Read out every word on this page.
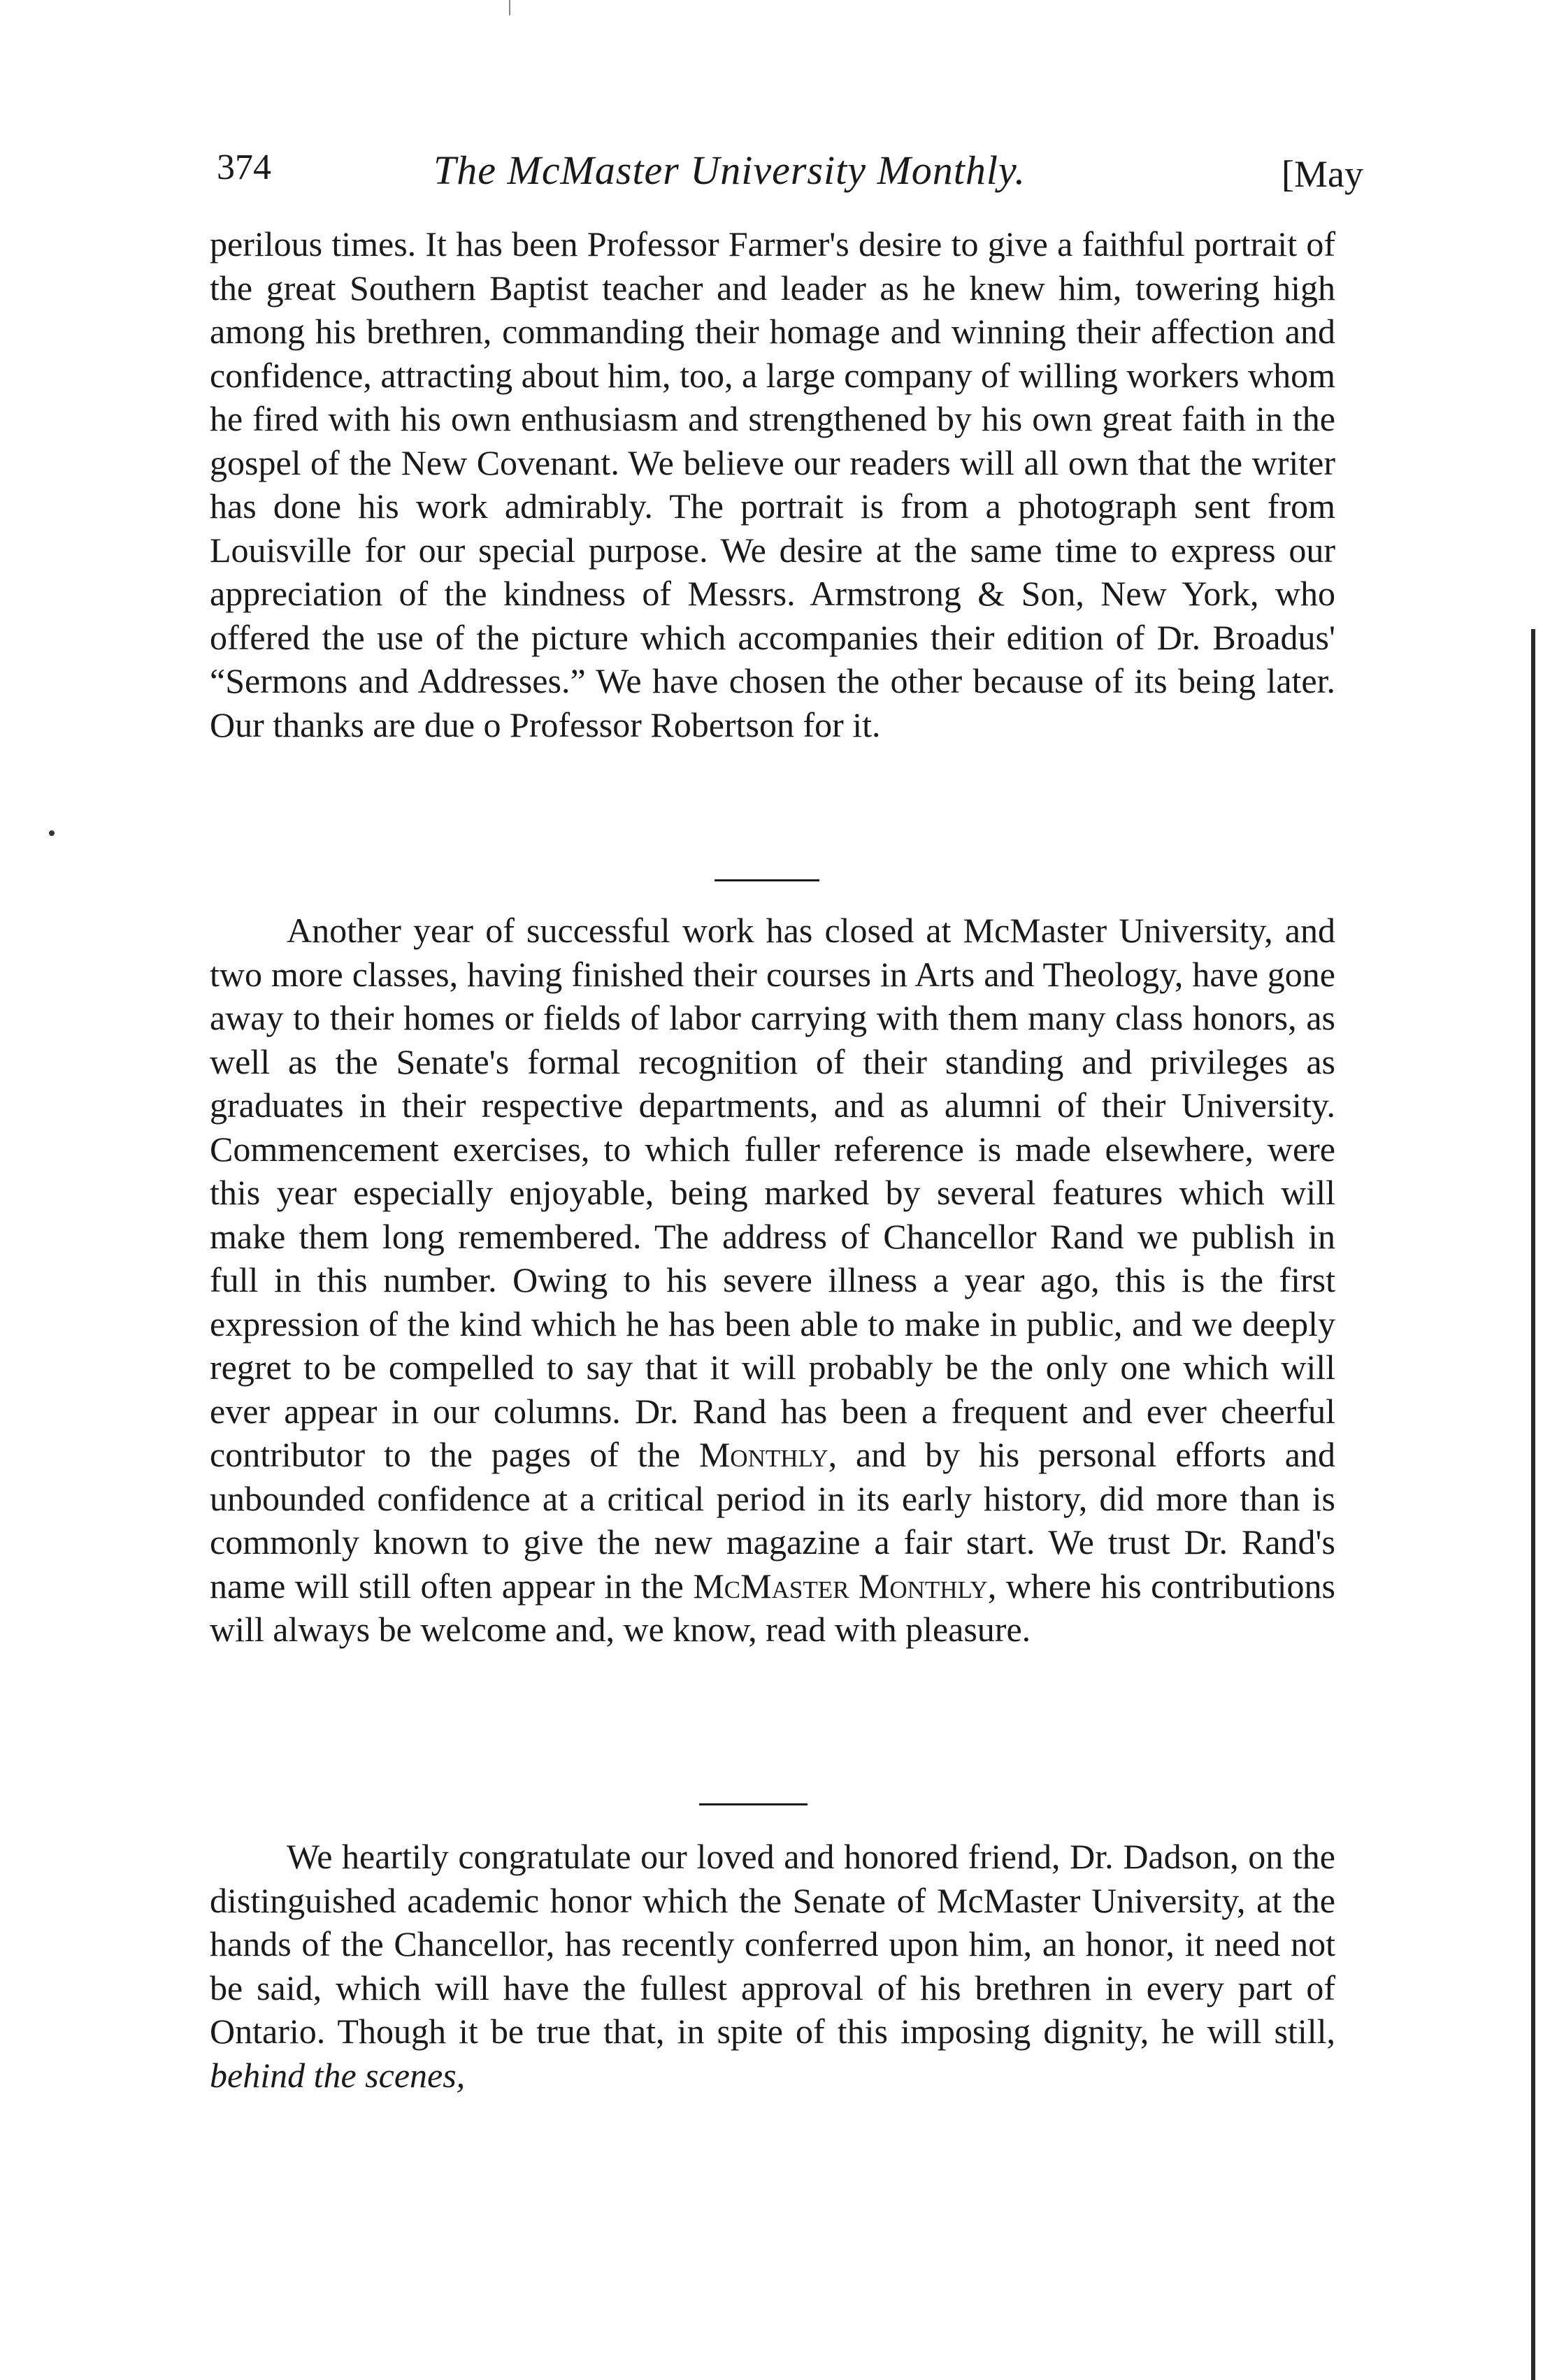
374	The McMaster University Monthly.	[May

perilous times. It has been Professor Farmer's desire to give a faithful portrait of the great Southern Baptist teacher and leader as he knew him, towering high among his brethren, commanding their homage and winning their affection and confidence, attracting about him, too, a large company of willing workers whom he fired with his own enthusiasm and strengthened by his own great faith in the gospel of the New Covenant. We believe our readers will all own that the writer has done his work admirably. The portrait is from a photograph sent from Louisville for our special purpose. We desire at the same time to express our appreciation of the kindness of Messrs. Armstrong & Son, New York, who offered the use of the picture which accompanies their edition of Dr. Broadus' “Sermons and Addresses.” We have chosen the other because of its being later. Our thanks are due o Professor Robertson for it.

Another year of successful work has closed at McMaster University, and two more classes, having finished their courses in Arts and Theology, have gone away to their homes or fields of labor carrying with them many class honors, as well as the Senate's formal recognition of their standing and privileges as graduates in their respective departments, and as alumni of their University. Commencement exercises, to which fuller reference is made elsewhere, were this year especially enjoyable, being marked by several features which will make them long remembered. The address of Chancellor Rand we publish in full in this number. Owing to his severe illness a year ago, this is the first expression of the kind which he has been able to make in public, and we deeply regret to be compelled to say that it will probably be the only one which will ever appear in our columns. Dr. Rand has been a frequent and ever cheerful contributor to the pages of the Monthly, and by his personal efforts and unbounded confidence at a critical period in its early history, did more than is commonly known to give the new magazine a fair start. We trust Dr. Rand's name will still often appear in the McMaster Monthly, where his contributions will always be welcome and, we know, read with pleasure.

We heartily congratulate our loved and honored friend, Dr. Dadson, on the distinguished academic honor which the Senate of McMaster University, at the hands of the Chancellor, has recently conferred upon him, an honor, it need not be said, which will have the fullest approval of his brethren in every part of Ontario. Though it be true that, in spite of this imposing dignity, he will still, behind the scenes,
